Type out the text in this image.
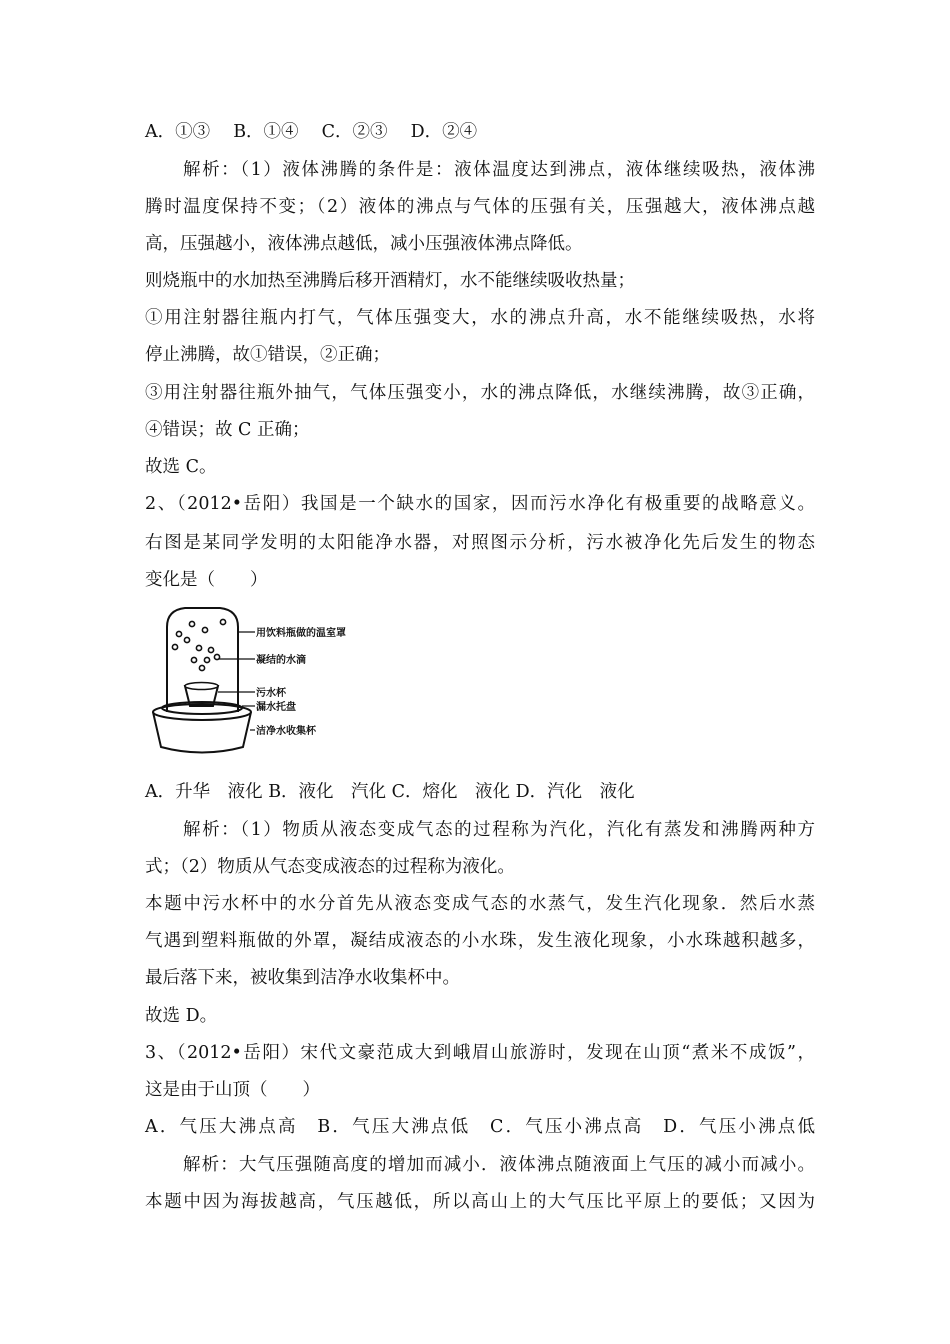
A．①③　 B．①④　 C．②③　 D．②④
解析：（1）液体沸腾的条件是：液体温度达到沸点，液体继续吸热，液体沸
腾时温度保持不变；（2）液体的沸点与气体的压强有关，压强越大，液体沸点越
高，压强越小，液体沸点越低，减小压强液体沸点降低。
则烧瓶中的水加热至沸腾后移开酒精灯，水不能继续吸收热量；
①用注射器往瓶内打气，气体压强变大，水的沸点升高，水不能继续吸热，水将
停止沸腾，故①错误，②正确；
③用注射器往瓶外抽气，气体压强变小，水的沸点降低，水继续沸腾，故③正确，
④错误；故 C 正确；
故选 C。
2、（2012•岳阳）我国是一个缺水的国家，因而污水净化有极重要的战略意义。
右图是某同学发明的太阳能净水器，对照图示分析，污水被净化先后发生的物态
变化是（　　）
用饮料瓶做的温室罩
凝结的水滴
污水杯
漏水托盘
洁净水收集杯
A．升华　液化 B．液化　汽化 C．熔化　液化 D．汽化　液化
解析：（1）物质从液态变成气态的过程称为汽化，汽化有蒸发和沸腾两种方
式；（2）物质从气态变成液态的过程称为液化。
本题中污水杯中的水分首先从液态变成气态的水蒸气，发生汽化现象．然后水蒸
气遇到塑料瓶做的外罩，凝结成液态的小水珠，发生液化现象，小水珠越积越多，
最后落下来，被收集到洁净水收集杯中。
故选 D。
3、（2012•岳阳）宋代文豪范成大到峨眉山旅游时，发现在山顶“煮米不成饭”，
这是由于山顶（　　）
A．气压大沸点高　B．气压大沸点低　C．气压小沸点高　D．气压小沸点低
解析：大气压强随高度的增加而减小．液体沸点随液面上气压的减小而减小。
本题中因为海拔越高，气压越低，所以高山上的大气压比平原上的要低；又因为
